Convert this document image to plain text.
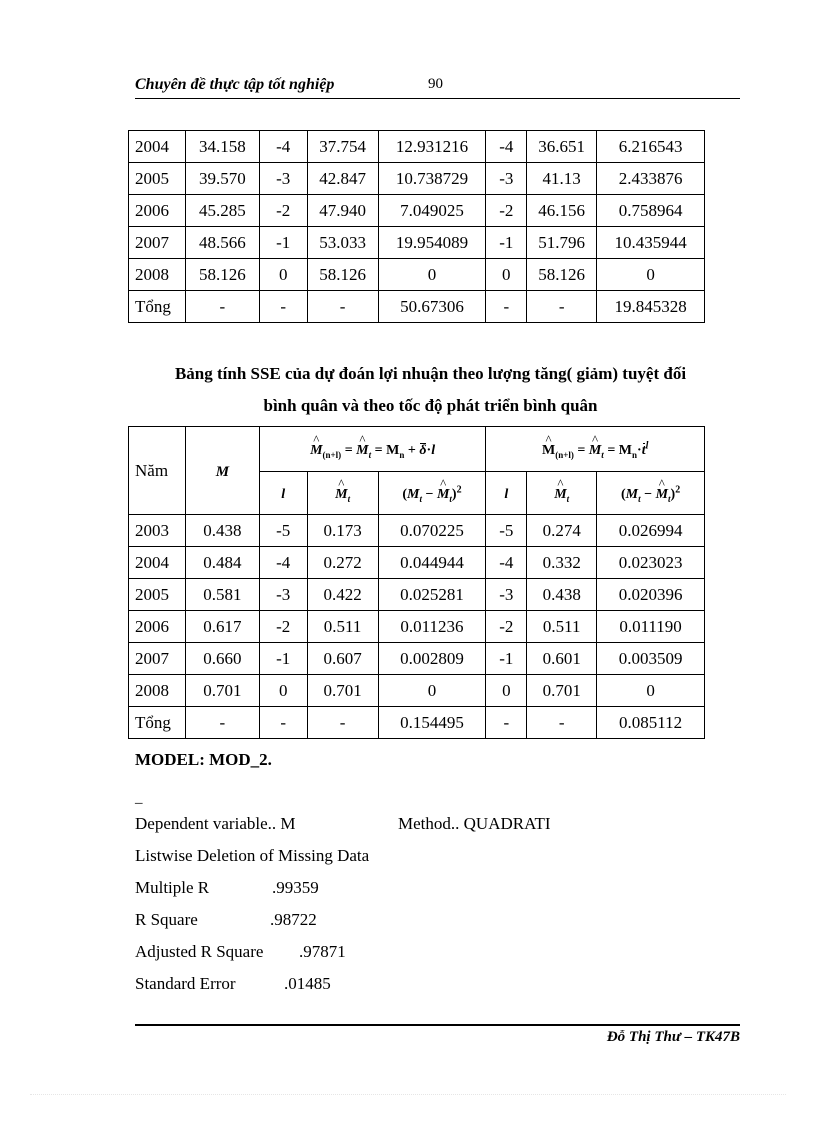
Chuyên đề thực tập tốt nghiệp	90
2004	34.158	-4	37.754	12.931216	-4	36.651	6.216543
2005	39.570	-3	42.847	10.738729	-3	41.13	2.433876
2006	45.285	-2	47.940	7.049025	-2	46.156	0.758964
2007	48.566	-1	53.033	19.954089	-1	51.796	10.435944
2008	58.126	0	58.126	0	0	58.126	0
Tổng	-	-	-	50.67306	-	-	19.845328
Bảng tính SSE của dự đoán lợi nhuận theo lượng tăng( giảm) tuyệt đối
bình quân và theo tốc độ phát triển bình quân
Năm	M	^ $M_{(n+l)}$ = ^ $M_t = M_n + \delta\cdot l$			^ $M_{(n+l)}$ = ^ $M_t = M_n\cdot t^l$
		l	^ $M_t$	($M_t$ − ^ $M_t)^2$	l	^ $M_t$	($M_t$ − ^ $M_t)^2$
2003	0.438	-5	0.173	0.070225	-5	0.274	0.026994
2004	0.484	-4	0.272	0.044944	-4	0.332	0.023023
2005	0.581	-3	0.422	0.025281	-3	0.438	0.020396
2006	0.617	-2	0.511	0.011236	-2	0.511	0.011190
2007	0.660	-1	0.607	0.002809	-1	0.601	0.003509
2008	0.701	0	0.701	0	0	0.701	0
Tổng	-	-	-	0.154495	-	-	0.085112
MODEL: MOD_2.
_
Dependent variable.. M	Method.. QUADRATI
Listwise Deletion of Missing Data
Multiple R	.99359
R Square	.98722
Adjusted R Square .97871
Standard Error	.01485
Đỗ Thị Thư – TK47B
